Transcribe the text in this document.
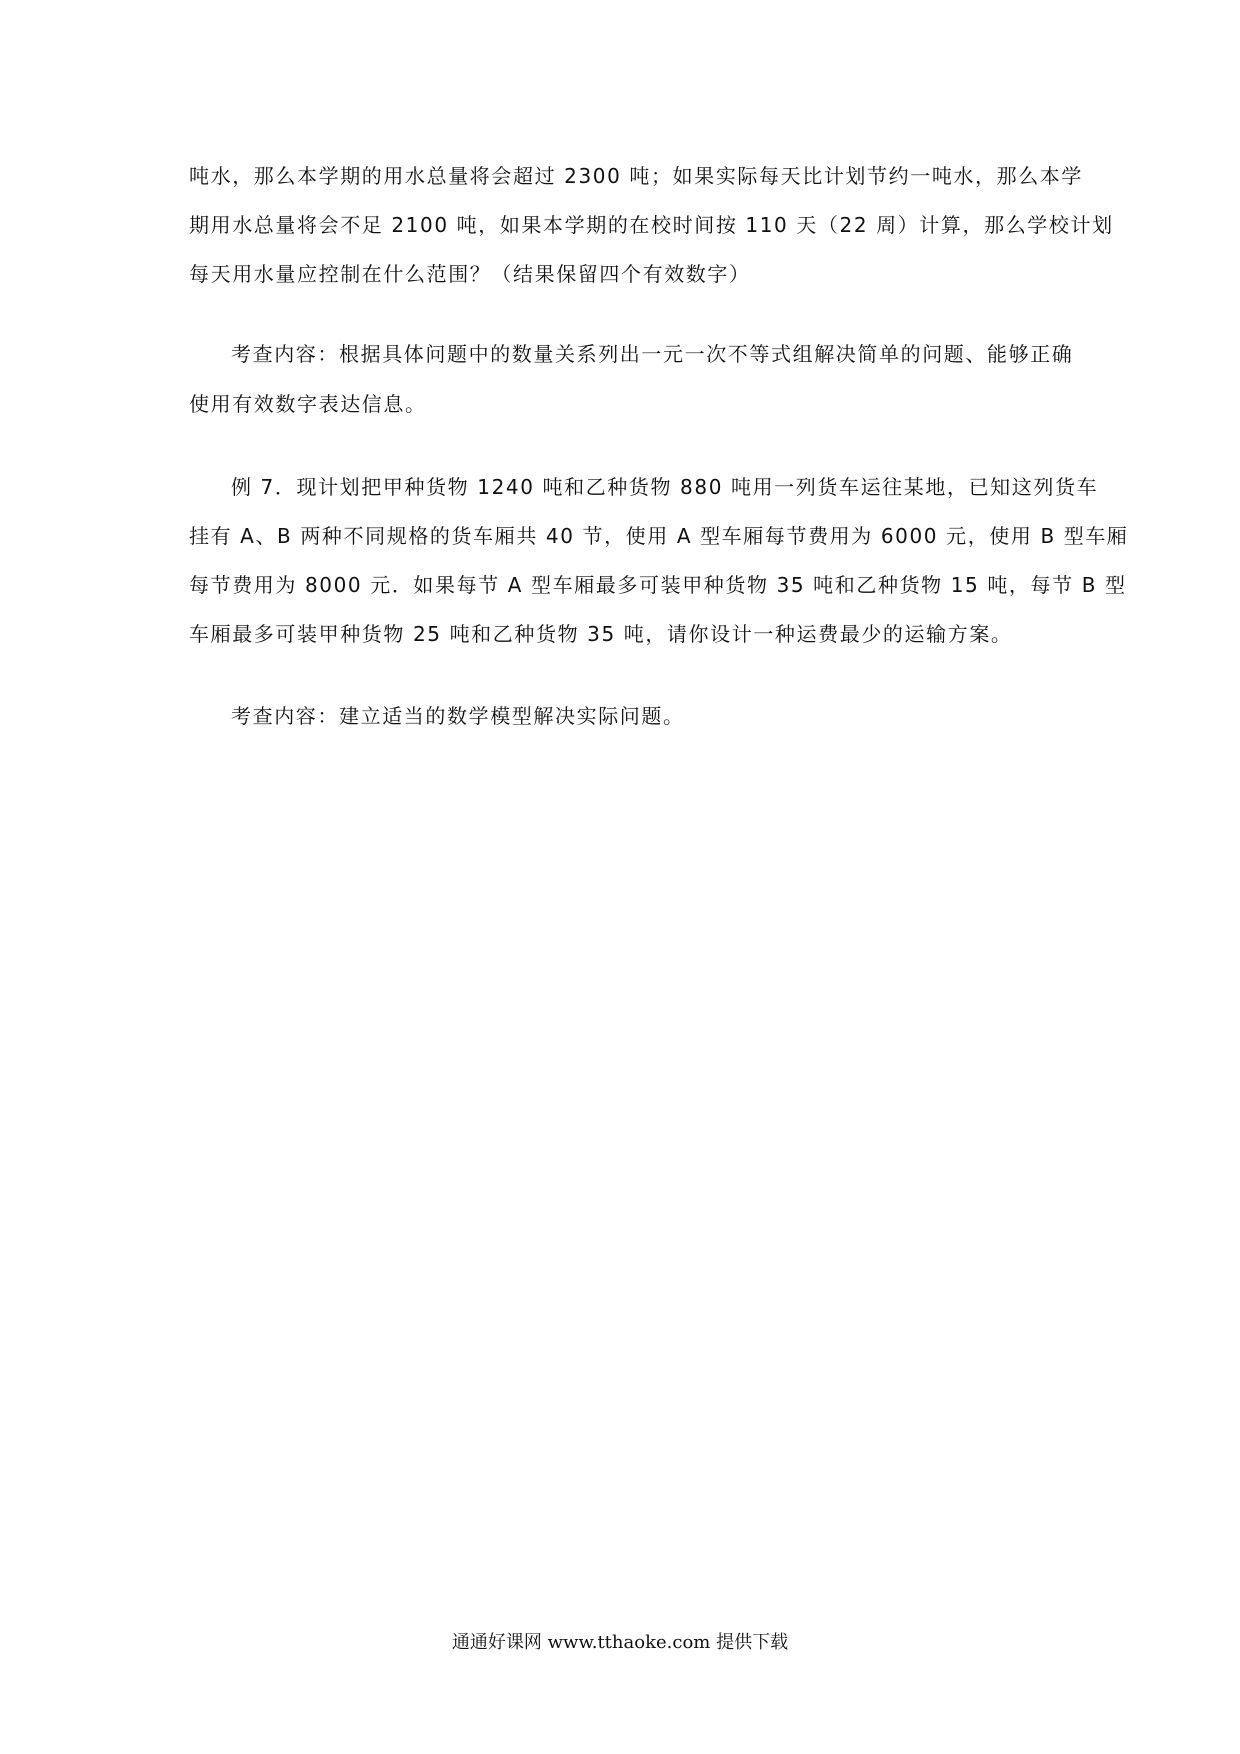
吨水，那么本学期的用水总量将会超过 2300 吨；如果实际每天比计划节约一吨水，那么本学
期用水总量将会不足 2100 吨，如果本学期的在校时间按 110 天（22 周）计算，那么学校计划
每天用水量应控制在什么范围？（结果保留四个有效数字）
考查内容：根据具体问题中的数量关系列出一元一次不等式组解决简单的问题、能够正确
使用有效数字表达信息。
例 7．现计划把甲种货物 1240 吨和乙种货物 880 吨用一列货车运往某地，已知这列货车
挂有 A、B 两种不同规格的货车厢共 40 节，使用 A 型车厢每节费用为 6000 元，使用 B 型车厢
每节费用为 8000 元．如果每节 A 型车厢最多可装甲种货物 35 吨和乙种货物 15 吨，每节 B 型
车厢最多可装甲种货物 25 吨和乙种货物 35 吨，请你设计一种运费最少的运输方案。
考查内容：建立适当的数学模型解决实际问题。
通通好课网 www.tthaoke.com 提供下载
